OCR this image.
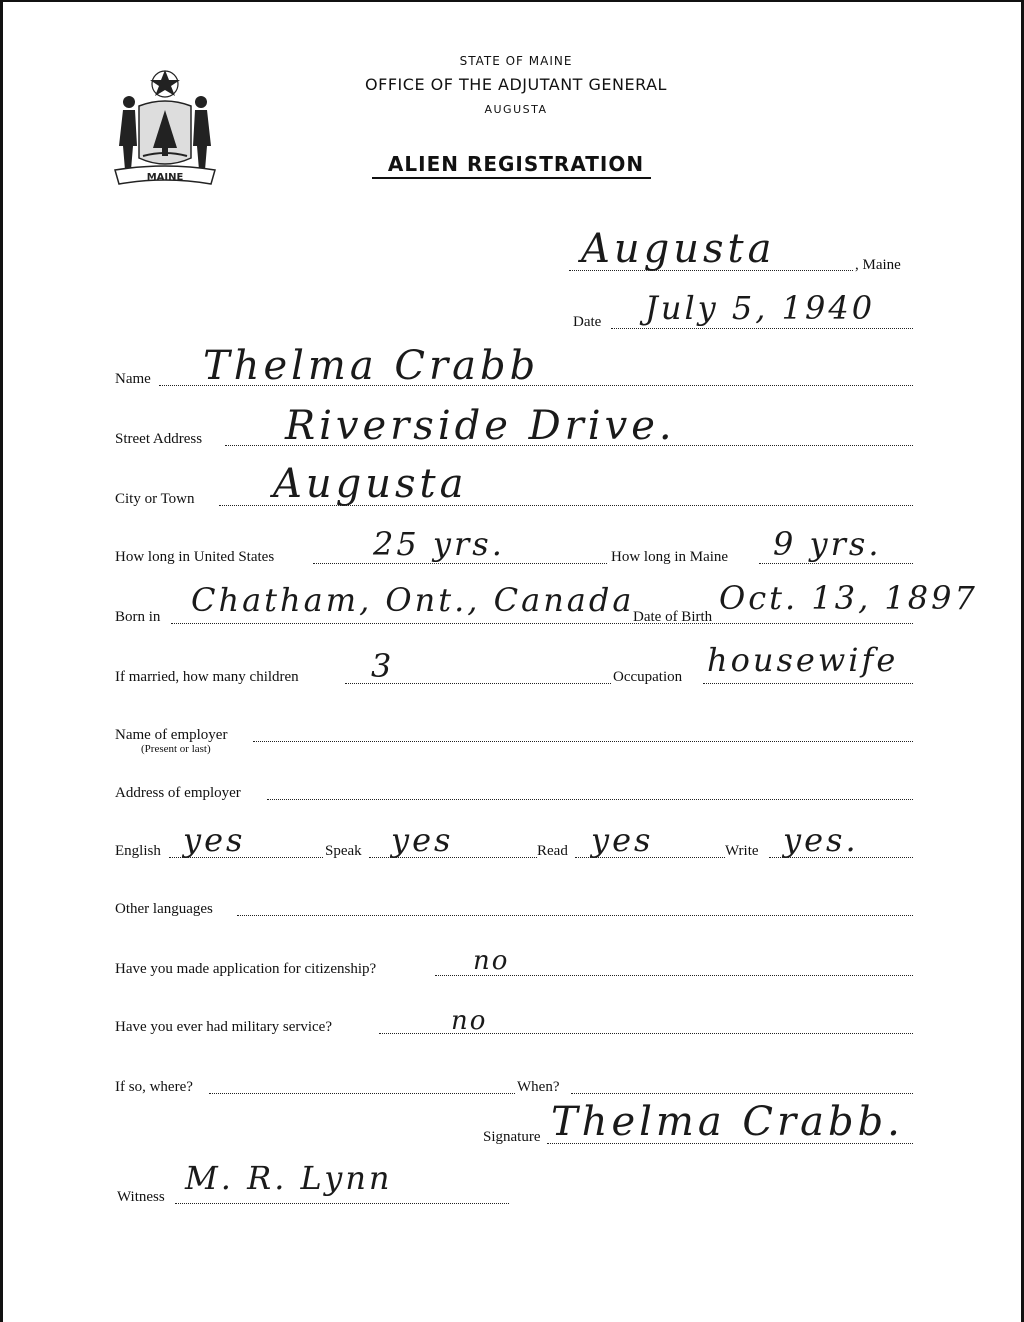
MAINE
STATE OF MAINE
OFFICE OF THE ADJUTANT GENERAL
AUGUSTA
ALIEN REGISTRATION
Augusta	, Maine
Date July 5, 1940
Name Thelma Crabb
Street Address Riverside Drive.
City or Town Augusta
How long in United States	25 yrs.	How long in Maine 9 yrs.
Born in Chatham, Ont., Canada
Date of Birth Oct. 13, 1897
If married, how many children 3	Occupation housewife
Name of employer
(Present or last)
Address of employer
English yes	Speak yes	Read yes	Write yes.
Other languages
Have you made application for citizenship?	no
Have you ever had military service?	no
If so, where?	When?
Signature Thelma Crabb.
Witness M. R. Lynn
